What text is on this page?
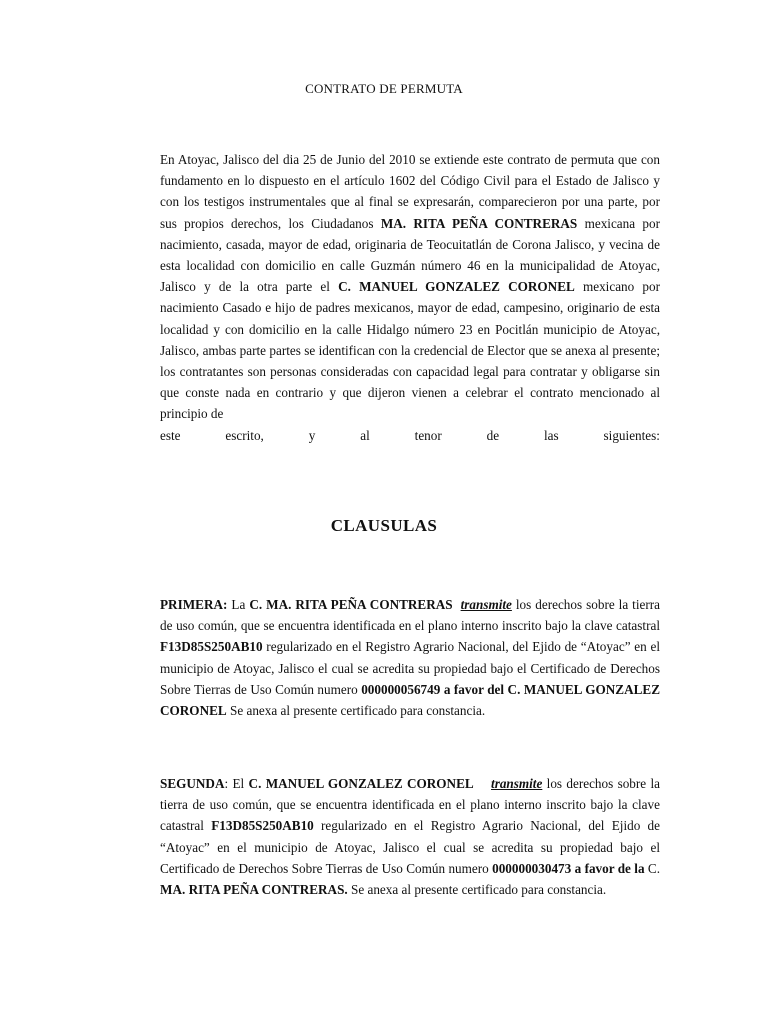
CONTRATO DE PERMUTA
En Atoyac, Jalisco del dia 25 de Junio del 2010 se extiende este contrato de permuta que con fundamento en lo dispuesto en el artículo 1602 del Código Civil para el Estado de Jalisco y con los testigos instrumentales que al final se expresarán, comparecieron por una parte, por sus propios derechos, los Ciudadanos MA. RITA PEÑA CONTRERAS mexicana por nacimiento, casada, mayor de edad, originaria de Teocuitatlán de Corona Jalisco, y vecina de esta localidad con domicilio en calle Guzmán número 46 en la municipalidad de Atoyac, Jalisco y de la otra parte el C. MANUEL GONZALEZ CORONEL mexicano por nacimiento Casado e hijo de padres mexicanos, mayor de edad, campesino, originario de esta localidad y con domicilio en la calle Hidalgo número 23 en Pocitlán municipio de Atoyac, Jalisco, ambas parte partes se identifican con la credencial de Elector que se anexa al presente; los contratantes son personas consideradas con capacidad legal para contratar y obligarse sin que conste nada en contrario y que dijeron vienen a celebrar el contrato mencionado al principio de
este	escrito,	y	al	tenor	de	las	siguientes:
CLAUSULAS
PRIMERA: La C. MA. RITA PEÑA CONTRERAS transmite los derechos sobre la tierra de uso común, que se encuentra identificada en el plano interno inscrito bajo la clave catastral F13D85S250AB10 regularizado en el Registro Agrario Nacional, del Ejido de “Atoyac” en el municipio de Atoyac, Jalisco el cual se acredita su propiedad bajo el Certificado de Derechos Sobre Tierras de Uso Común numero 000000056749 a favor del C. MANUEL GONZALEZ CORONEL Se anexa al presente certificado para constancia.
SEGUNDA: El C. MANUEL GONZALEZ CORONEL transmite los derechos sobre la tierra de uso común, que se encuentra identificada en el plano interno inscrito bajo la clave catastral F13D85S250AB10 regularizado en el Registro Agrario Nacional, del Ejido de “Atoyac” en el municipio de Atoyac, Jalisco el cual se acredita su propiedad bajo el Certificado de Derechos Sobre Tierras de Uso Común numero 000000030473 a favor de la C. MA. RITA PEÑA CONTRERAS. Se anexa al presente certificado para constancia.
